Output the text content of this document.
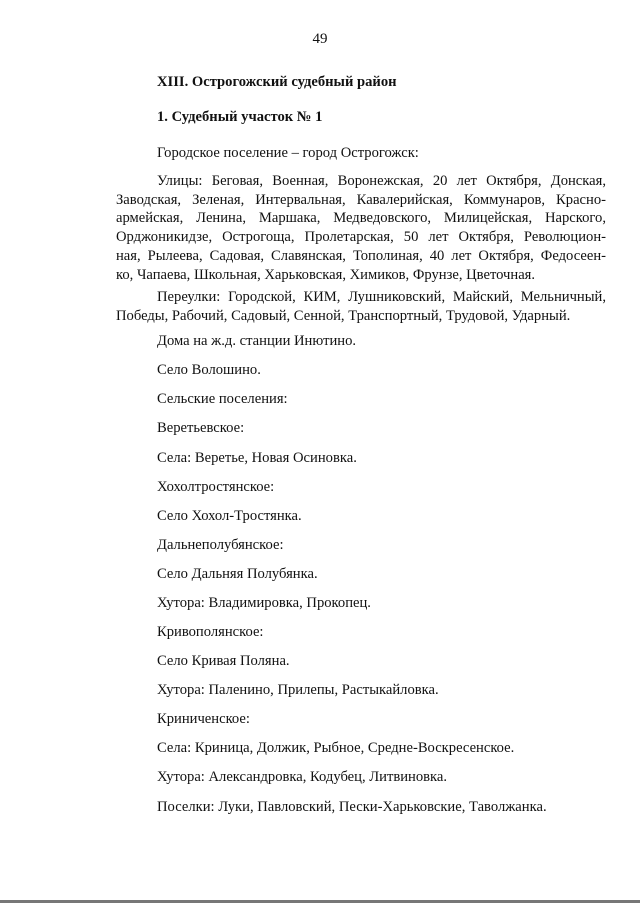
49
XIII. Острогожский судебный район
1. Судебный участок № 1
Городское поселение – город Острогожск:
Улицы: Беговая, Военная, Воронежская, 20 лет Октября, Донская,
Заводская, Зеленая, Интервальная, Кавалерийская, Коммунаров, Красно-
армейская, Ленина, Маршака, Медведовского, Милицейская, Нарского,
Орджоникидзе, Острогоща, Пролетарская, 50 лет Октября, Революцион-
ная, Рылеева, Садовая, Славянская, Тополиная, 40 лет Октября, Федосеен-
ко, Чапаева, Школьная, Харьковская, Химиков, Фрунзе, Цветочная.
Переулки: Городской, КИМ, Лушниковский, Майский, Мельничный,
Победы, Рабочий, Садовый, Сенной, Транспортный, Трудовой, Ударный.
Дома на ж.д. станции Инютино.
Село Волошино.
Сельские поселения:
Веретьевское:
Села: Веретье, Новая Осиновка.
Хохолтростянское:
Село Хохол-Тростянка.
Дальнеполубянское:
Село Дальняя Полубянка.
Хутора: Владимировка, Прокопец.
Кривополянское:
Село Кривая Поляна.
Хутора: Паленино, Прилепы, Растыкайловка.
Криниченское:
Села: Криница, Должик, Рыбное, Средне-Воскресенское.
Хутора: Александровка, Кодубец, Литвиновка.
Поселки: Луки, Павловский, Пески-Харьковские, Таволжанка.
